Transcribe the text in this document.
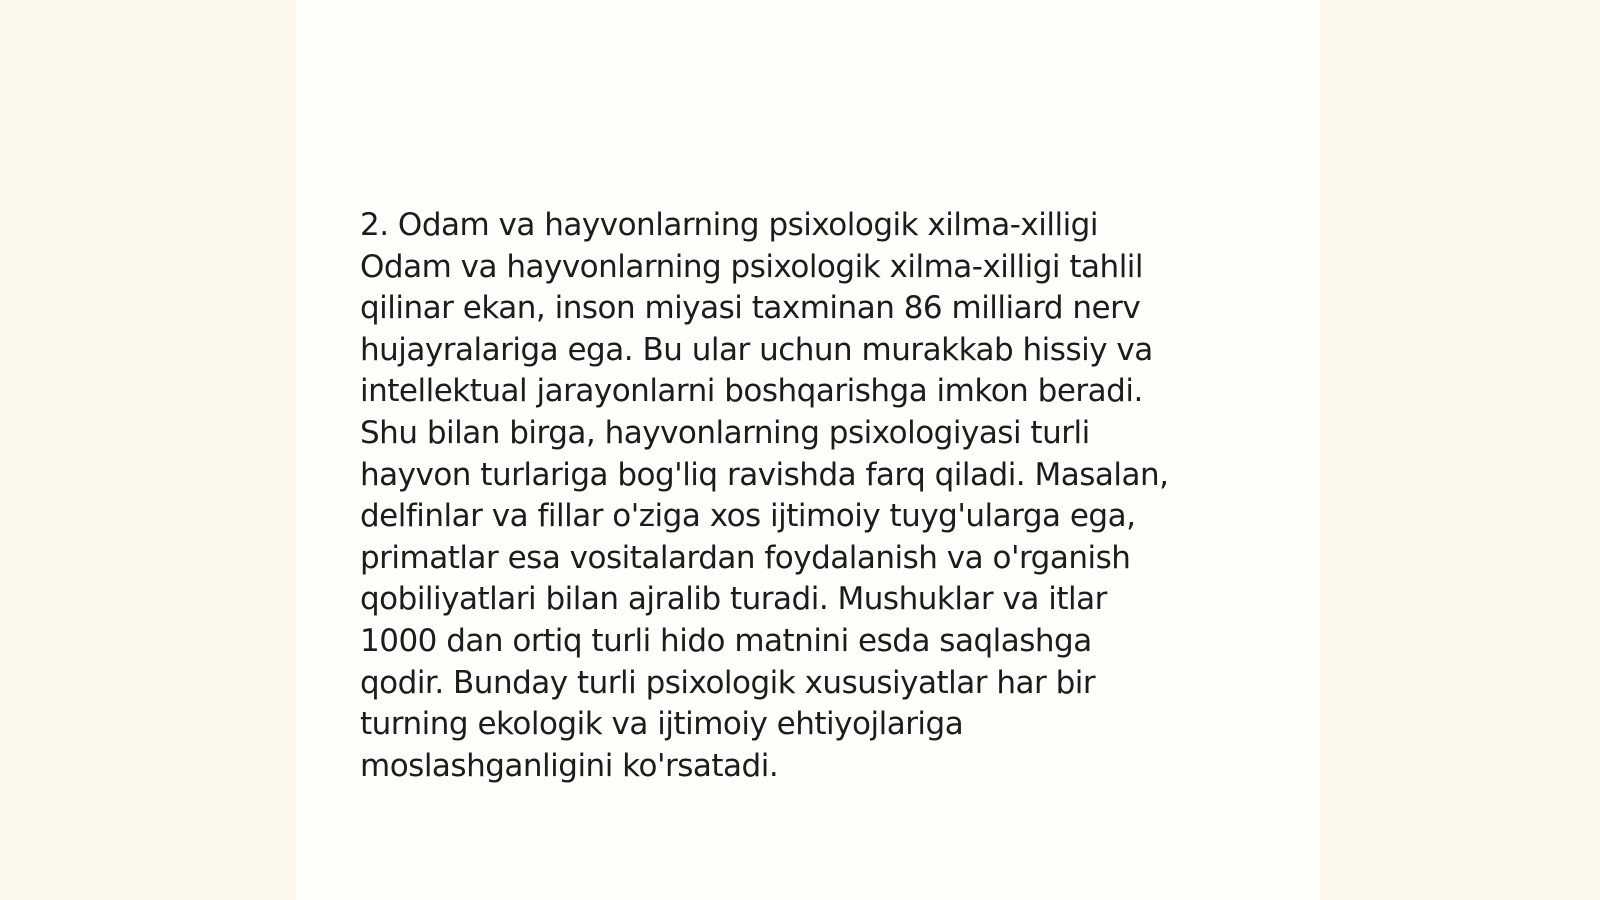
2. Odam va hayvonlarning psixologik xilma-xilligi
Odam va hayvonlarning psixologik xilma-xilligi tahlil
qilinar ekan, inson miyasi taxminan 86 milliard nerv
hujayralariga ega. Bu ular uchun murakkab hissiy va
intellektual jarayonlarni boshqarishga imkon beradi.
Shu bilan birga, hayvonlarning psixologiyasi turli
hayvon turlariga bog'liq ravishda farq qiladi. Masalan,
delfinlar va fillar o'ziga xos ijtimoiy tuyg'ularga ega,
primatlar esa vositalardan foydalanish va o'rganish
qobiliyatlari bilan ajralib turadi. Mushuklar va itlar
1000 dan ortiq turli hido matnini esda saqlashga
qodir. Bunday turli psixologik xususiyatlar har bir
turning ekologik va ijtimoiy ehtiyojlariga
moslashganligini ko'rsatadi.
